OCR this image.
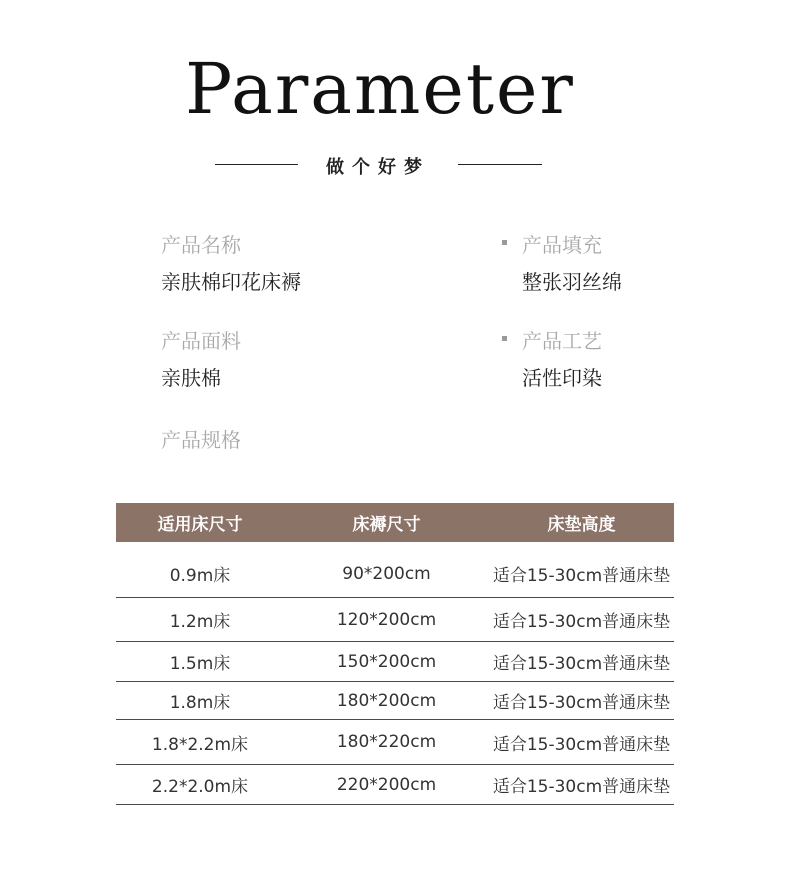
Parameter
做个好梦
产品名称
亲肤棉印花床褥
产品填充
整张羽丝绵
产品面料
亲肤棉
产品工艺
活性印染
产品规格
适用床尺寸	床褥尺寸	床垫高度
0.9m床	90*200cm	适合15-30cm普通床垫
1.2m床	120*200cm	适合15-30cm普通床垫
1.5m床	150*200cm	适合15-30cm普通床垫
1.8m床	180*200cm	适合15-30cm普通床垫
1.8*2.2m床	180*220cm	适合15-30cm普通床垫
2.2*2.0m床	220*200cm	适合15-30cm普通床垫
